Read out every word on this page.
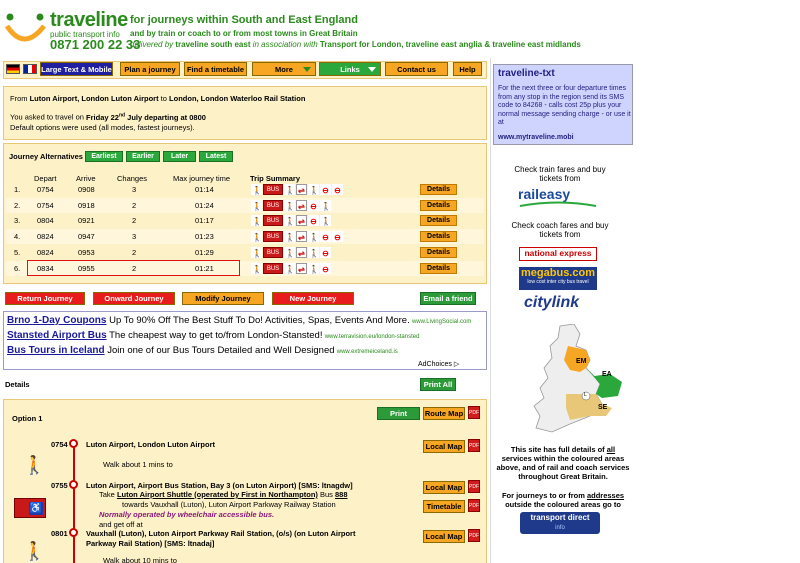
traveline
public transport info
0871 200 22 33
for journeys within South and East England
and by train or coach to or from most towns in Great Britain
delivered by traveline south east in association with Transport for London, traveline east anglia & traveline east midlands
Large Text & Mobile	Plan a journey	Find a timetable	More	Links	Contact us	Help
From Luton Airport, London Luton Airport to London, London Waterloo Rail Station
You asked to travel on Friday 22nd July departing at 0800
Default options were used (all modes, fastest journeys).
Journey Alternatives	Earliest	Earlier	Later	Latest
Depart	Arrive	Changes	Max journey time	Trip Summary
1. 0754	0908	3	01:14	🚶 BUS 🚶 ⇌ 🚶 ⊖ ⊖	Details
2. 0754	0918	2	01:24	🚶 BUS 🚶 ⇌ ⊖ 🚶	Details
3. 0804	0921	2	01:17	🚶 BUS 🚶 ⇌ ⊖ 🚶	Details
4. 0824	0947	3	01:23	🚶 BUS 🚶 ⇌ 🚶 ⊖ ⊖	Details
5. 0824	0953	2	01:29	🚶 BUS 🚶 ⇌ 🚶 ⊖	Details
6. 0834	0955	2	01:21	🚶 BUS 🚶 ⇌ 🚶 ⊖	Details
Return Journey	Onward Journey	Modify Journey	New Journey	Email a friend
Brno 1-Day Coupons Up To 90% Off The Best Stuff To Do! Activities, Spas, Events And More. www.LivingSocial.com
Stansted Airport Bus The cheapest way to get to/from London-Stansted! www.terravision.eu/london-stansted
Bus Tours in Iceland Join one of our Bus Tours Detailed and Well Designed www.extremeiceland.is
AdChoices ▷
Details	Print All
Option 1
Print	Route Map	PDF
0754 Luton Airport, London Luton Airport	Local Map	PDF
🚶	Walk about 1 mins to
0755 Luton Airport, Airport Bus Station, Bay 3 (on Luton Airport) [SMS: ltnagdw]	Local Map	PDF
Take Luton Airport Shuttle (operated by First in Northampton) Bus 888
towards Vauxhall (Luton), Luton Airport Parkway Railway Station	Timetable	PDF
♿
Normally operated by wheelchair accessible bus.
and get off at
0801 Vauxhall (Luton), Luton Airport Parkway Rail Station, (o/s) (on Luton Airport Parkway Rail Station) [SMS: ltnadaj]
Local Map	PDF
🚶	Walk about 10 mins to
traveline-txt
For the next three or four departure times from any stop in the region send its SMS code to 84268 - calls cost 25p plus your normal message sending charge - or use it at
www.mytraveline.mobi
Check train fares and buy tickets from
raileasy
Check coach fares and buy tickets from
national express
megabus.com
low cost inter city bus travel
citylink
EM
EA
L
SE
This site has full details of all services within the coloured areas above, and of rail and coach services throughout Great Britain.
For journeys to or from addresses outside the coloured areas go to
transport direct
info
